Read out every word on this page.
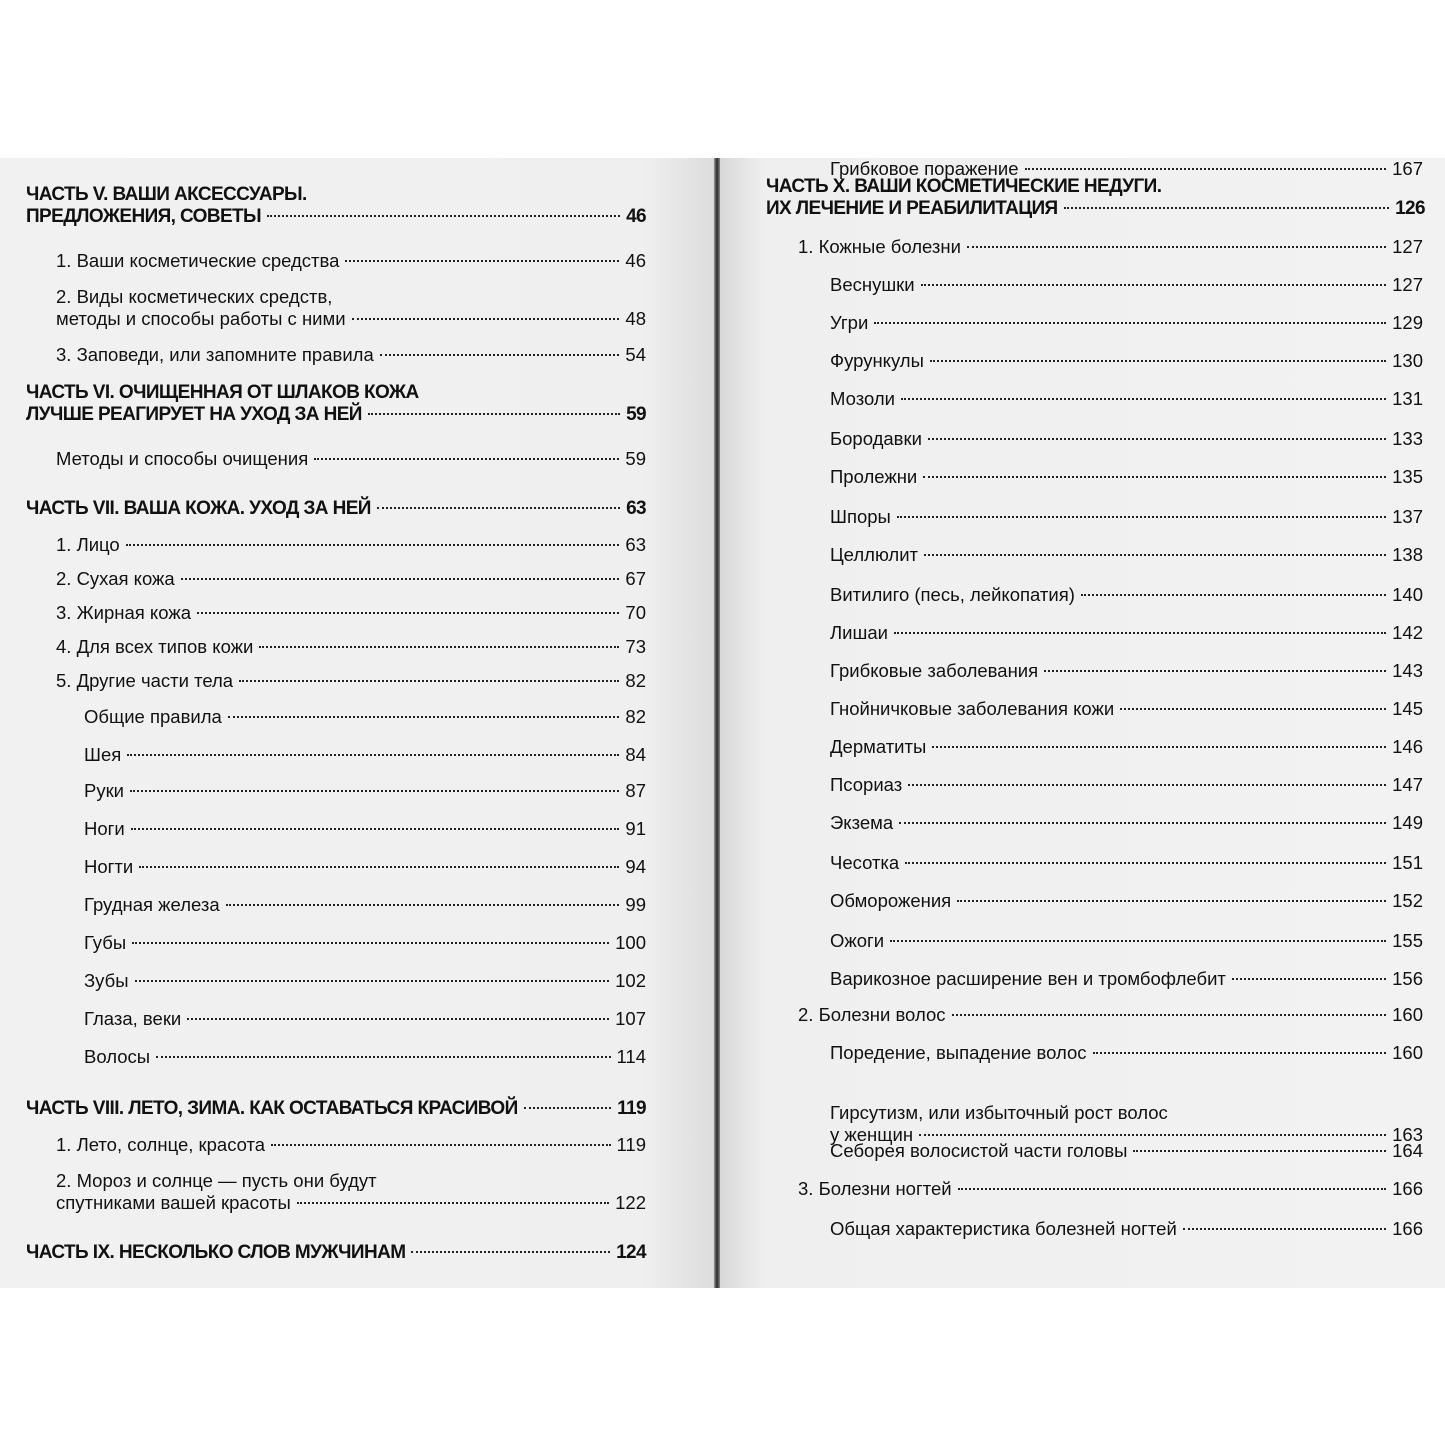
ЧАСТЬ V. ВАШИ АКСЕССУАРЫ.
ПРЕДЛОЖЕНИЯ, СОВЕТЫ	46
1. Ваши косметические средства	46
2. Виды косметических средств,
методы и способы работы с ними	48
3. Заповеди, или запомните правила	54
ЧАСТЬ VI. ОЧИЩЕННАЯ ОТ ШЛАКОВ КОЖА
ЛУЧШЕ РЕАГИРУЕТ НА УХОД ЗА НЕЙ	59
Методы и способы очищения	59
ЧАСТЬ VII. ВАША КОЖА. УХОД ЗА НЕЙ	63
1. Лицо	63
2. Сухая кожа	67
3. Жирная кожа	70
4. Для всех типов кожи	73
5. Другие части тела	82
Общие правила	82
Шея	84
Руки	87
Ноги	91
Ногти	94
Грудная железа	99
Губы	100
Зубы	102
Глаза, веки	107
Волосы	114
ЧАСТЬ VIII. ЛЕТО, ЗИМА. КАК ОСТАВАТЬСЯ КРАСИВОЙ	119
1. Лето, солнце, красота	119
2. Мороз и солнце — пусть они будут
спутниками вашей красоты	122
ЧАСТЬ IX. НЕСКОЛЬКО СЛОВ МУЖЧИНАМ	124
ЧАСТЬ X. ВАШИ КОСМЕТИЧЕСКИЕ НЕДУГИ.
ИХ ЛЕЧЕНИЕ И РЕАБИЛИТАЦИЯ	126
1. Кожные болезни	127
Веснушки	127
Угри	129
Фурункулы	130
Мозоли	131
Бородавки	133
Пролежни	135
Шпоры	137
Целлюлит	138
Витилиго (песь, лейкопатия)	140
Лишаи	142
Грибковые заболевания	143
Гнойничковые заболевания кожи	145
Дерматиты	146
Псориаз	147
Экзема	149
Чесотка	151
Обморожения	152
Ожоги	155
Варикозное расширение вен и тромбофлебит	156
2. Болезни волос	160
Поредение, выпадение волос	160
Гирсутизм, или избыточный рост волос
у женщин	163
Себорея волосистой части головы	164
3. Болезни ногтей	166
Общая характеристика болезней ногтей	166
Грибковое поражение	167
